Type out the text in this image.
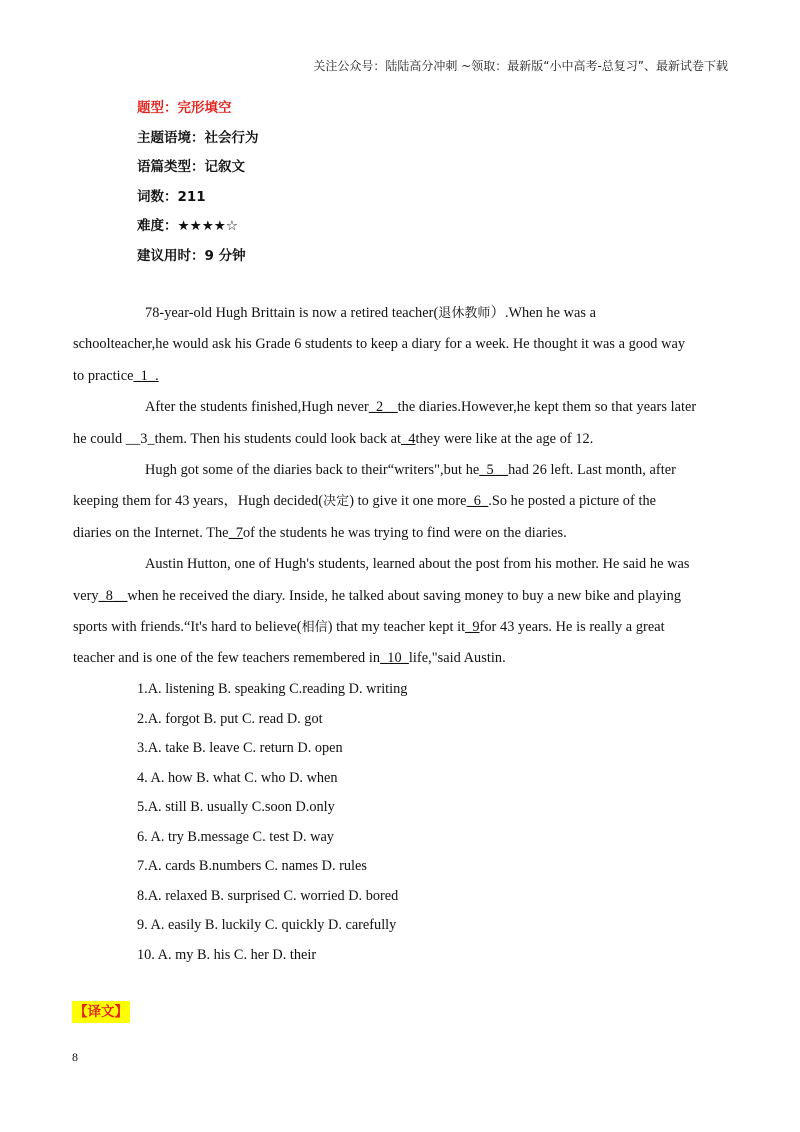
关注公众号：陆陆高分冲刺 ~领取：最新版“小中高考-总复习”、最新试卷下载
题型：完形填空
主题语境：社会行为
语篇类型：记叙文
词数：211
难度：★★★★☆
建议用时：9 分钟

78-year-old Hugh Brittain is now a retired teacher(退休教师）.When he was a

schoolteacher,he would ask his Grade 6 students to keep a diary for a week. He thought it was a good way

to practice_1_.

After the students finished,Hugh never_2__the diaries.However,he kept them so that years later

he could __3_them. Then his students could look back at_4they were like at the age of 12.

Hugh got some of the diaries back to their“writers",but he_5__had 26 left. Last month, after

keeping them for 43 years，Hugh decided(决定) to give it one more_6_.So he posted a picture of the

diaries on the Internet. The_7of the students he was trying to find were on the diaries.

Austin Hutton, one of Hugh's students, learned about the post from his mother. He said he was

very_8__when he received the diary. Inside, he talked about saving money to buy a new bike and playing

sports with friends.“It's hard to believe(相信) that my teacher kept it_9for 43 years. He is really a great

teacher and is one of the few teachers remembered in_10_life,"said Austin.

1.A. listening B. speaking C.reading D. writing
2.A. forgot B. put C. read D. got
3.A. take B. leave C. return D. open
4. A. how B. what C. who D. when
5.A. still B. usually C.soon D.only
6. A. try B.message C. test D. way
7.A. cards B.numbers C. names D. rules
8.A. relaxed B. surprised C. worried D. bored
9. A. easily B. luckily C. quickly D. carefully
10. A. my B. his C. her D. their
【译文】
8
